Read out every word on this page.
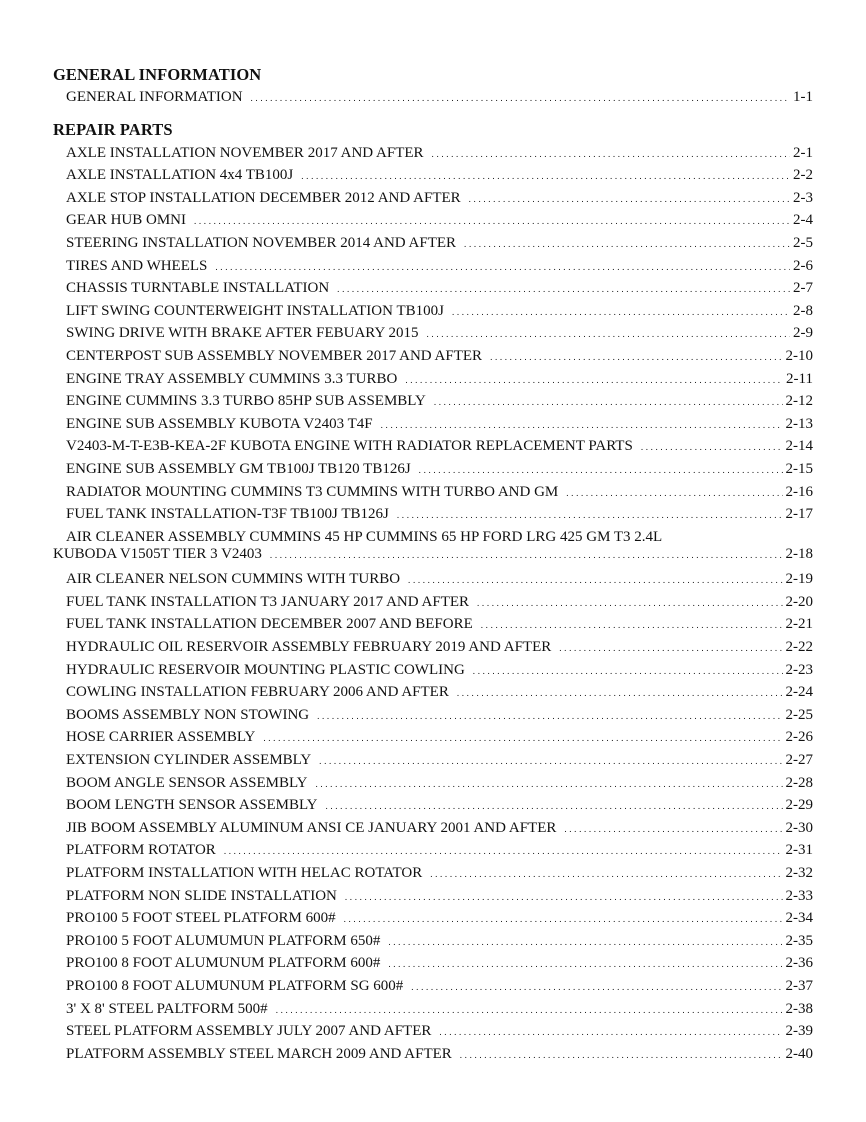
GENERAL INFORMATION
GENERAL INFORMATION . . .	1-1
REPAIR PARTS
AXLE INSTALLATION NOVEMBER 2017 AND AFTER . . .	2-1
AXLE INSTALLATION 4x4 TB100J . . .	2-2
AXLE STOP INSTALLATION DECEMBER 2012 AND AFTER . . .	2-3
GEAR HUB OMNI . . .	2-4
STEERING INSTALLATION NOVEMBER 2014 AND AFTER . . .	2-5
TIRES AND WHEELS . . .	2-6
CHASSIS TURNTABLE INSTALLATION . . .	2-7
LIFT SWING COUNTERWEIGHT INSTALLATION TB100J . . .	2-8
SWING DRIVE WITH BRAKE AFTER FEBUARY 2015 . . .	2-9
CENTERPOST SUB ASSEMBLY NOVEMBER 2017 AND AFTER . . .	2-10
ENGINE TRAY ASSEMBLY CUMMINS 3.3 TURBO . . .	2-11
ENGINE CUMMINS 3.3 TURBO 85HP SUB ASSEMBLY . . .	2-12
ENGINE SUB ASSEMBLY KUBOTA V2403 T4F . . .	2-13
V2403-M-T-E3B-KEA-2F KUBOTA ENGINE WITH RADIATOR REPLACEMENT PARTS . . .	2-14
ENGINE SUB ASSEMBLY GM TB100J TB120 TB126J . . .	2-15
RADIATOR MOUNTING CUMMINS T3 CUMMINS WITH TURBO AND GM . . .	2-16
FUEL TANK INSTALLATION-T3F TB100J TB126J . . .	2-17
AIR CLEANER ASSEMBLY CUMMINS 45 HP CUMMINS 65 HP FORD LRG 425 GM T3 2.4L
KUBODA V1505T TIER 3 V2403 . . .	2-18
AIR CLEANER NELSON CUMMINS WITH TURBO . . .	2-19
FUEL TANK INSTALLATION T3 JANUARY 2017 AND AFTER . . .	2-20
FUEL TANK INSTALLATION DECEMBER 2007 AND BEFORE . . .	2-21
HYDRAULIC OIL RESERVOIR ASSEMBLY FEBRUARY 2019 AND AFTER . . .	2-22
HYDRAULIC RESERVOIR MOUNTING PLASTIC COWLING . . .	2-23
COWLING INSTALLATION FEBRUARY 2006 AND AFTER . . .	2-24
BOOMS ASSEMBLY NON STOWING . . .	2-25
HOSE CARRIER ASSEMBLY . . .	2-26
EXTENSION CYLINDER ASSEMBLY . . .	2-27
BOOM ANGLE SENSOR ASSEMBLY . . .	2-28
BOOM LENGTH SENSOR ASSEMBLY . . .	2-29
JIB BOOM ASSEMBLY ALUMINUM ANSI CE JANUARY 2001 AND AFTER . . .	2-30
PLATFORM ROTATOR . . .	2-31
PLATFORM INSTALLATION WITH HELAC ROTATOR . . .	2-32
PLATFORM NON SLIDE INSTALLATION . . .	2-33
PRO100 5 FOOT STEEL PLATFORM 600# . . .	2-34
PRO100 5 FOOT ALUMUMUN PLATFORM 650# . . .	2-35
PRO100 8 FOOT ALUMUNUM PLATFORM 600# . . .	2-36
PRO100 8 FOOT ALUMUNUM PLATFORM SG 600# . . .	2-37
3' X 8' STEEL PALTFORM 500# . . .	2-38
STEEL PLATFORM ASSEMBLY JULY 2007 AND AFTER . . .	2-39
PLATFORM ASSEMBLY STEEL MARCH 2009 AND AFTER . . .	2-40
